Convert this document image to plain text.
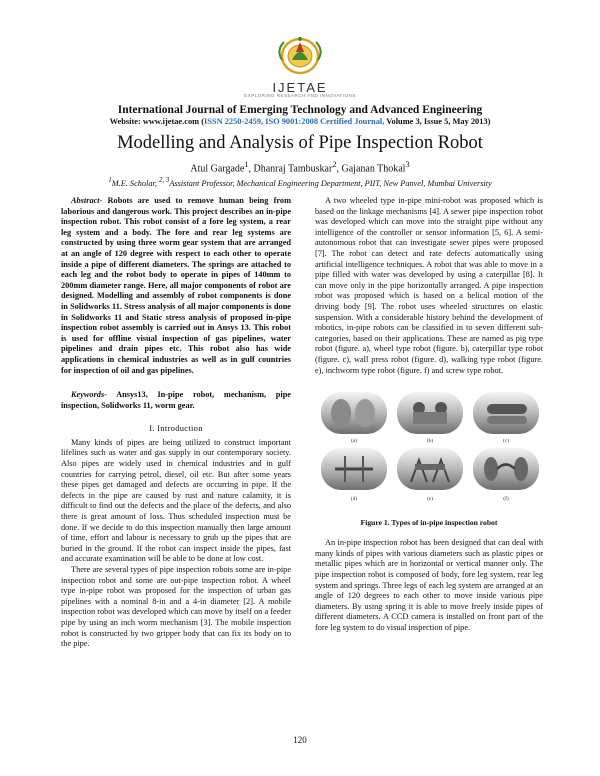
IJETAE
EXPLORING RESEARCH AND INNOVATIONS
International Journal of Emerging Technology and Advanced Engineering
Website: www.ijetae.com (ISSN 2250-2459, ISO 9001:2008 Certified Journal, Volume 3, Issue 5, May 2013)
Modelling and Analysis of Pipe Inspection Robot
Atul Gargade$^1$, Dhanraj Tambuskar$^2$, Gajanan Thokal$^3$
$^1$M.E. Scholar, $^{2, 3}$Assistant Professor, Mechanical Engineering Department, PIIT, New Panvel, Mumbai University

Abstract- Robots are used to remove human being from laborious and dangerous work. This project describes an in-pipe inspection robot. This robot consist of a fore leg system, a rear leg system and a body. The fore and rear leg systems are constructed by using three worm gear system that are arranged at an angle of 120 degree with respect to each other to operate inside a pipe of different diameters. The springs are attached to each leg and the robot body to operate in pipes of 140mm to 200mm diameter range. Here, all major components of robot are designed. Modelling and assembly of robot components is done in Solidworks 11. Stress analysis of all major components is done in Solidworks 11 and Static stress analysis of proposed in-pipe inspection robot assembly is carried out in Ansys 13. This robot is used for offline visual inspection of gas pipelines, water pipelines and drain pipes etc. This robot also has wide applications in chemical industries as well as in gulf countries for inspection of oil and gas pipelines.

Keywords- Ansys13, In-pipe robot, mechanism, pipe inspection, Solidworks 11, worm gear.

I. Introduction

Many kinds of pipes are being utilized to construct important lifelines such as water and gas supply in our contemporary society. Also pipes are widely used in chemical industries and in gulf countries for carrying petrol, diesel, oil etc. But after some years these pipes get damaged and defects are occurring in pipe. If the defects in the pipe are caused by rust and nature calamity, it is difficult to find out the defects and the place of the defects, and also there is great amount of loss. Thus scheduled inspection must be done. If we decide to do this inspection manually then large amount of time, effort and labour is necessary to grub up the pipes that are buried in the ground. If the robot can inspect inside the pipes, fast and accurate examination will be able to be done at low cost.

There are several types of pipe inspection robots some are in-pipe inspection robot and some are out-pipe inspection robot. A wheel type in-pipe robot was proposed for the inspection of urban gas pipelines with a nominal 8-in and a 4-in diameter [2]. A mobile inspection robot was developed which can move by itself on a feeder pipe by using an inch worm mechanism [3]. The mobile inspection robot is constructed by two gripper body that can fix its body on to the pipe.

A two wheeled type in-pipe mini-robot was proposed which is based on the linkage mechanisms [4]. A sewer pipe inspection robot was developed which can move into the straight pipe without any intelligence of the controller or sensor information [5, 6]. A semi-autonomous robot that can investigate sewer pipes were proposed [7]. The robot can detect and rate defects automatically using artificial intelligence techniques. A robot that was able to move in a pipe filled with water was developed by using a caterpillar [8]. It can move only in the pipe horizontally arranged. A pipe inspection robot was proposed which is based on a helical motion of the driving body [9]. The robot uses wheeled structures on elastic suspension. With a considerable history behind the development of robotics, in-pipe robots can be classified in to seven different sub-categories, based on their applications. These are named as pig type robot (figure. a), wheel type robot (figure. b), caterpillar type robot (figure. c), wall press robot (figure. d), walking type robot (figure. e), inchworm type robot (figure. f) and screw type robot.

(a)	(b)	(c)
(d)	(e)	(f)
Figure 1. Types of in-pipe inspection robot

An in-pipe inspection robot has been designed that can deal with many kinds of pipes with various diameters such as plastic pipes or metallic pipes which are in horizontal or vertical manner only. The pipe inspection robot is composed of body, fore leg system, rear leg system and springs. Three legs of each leg system are arranged at an angle of 120 degrees to each other to move inside various pipe diameters. By using spring it is able to move freely inside pipes of different diameters. A CCD camera is installed on front part of the fore leg system to do visual inspection of pipe.

120
